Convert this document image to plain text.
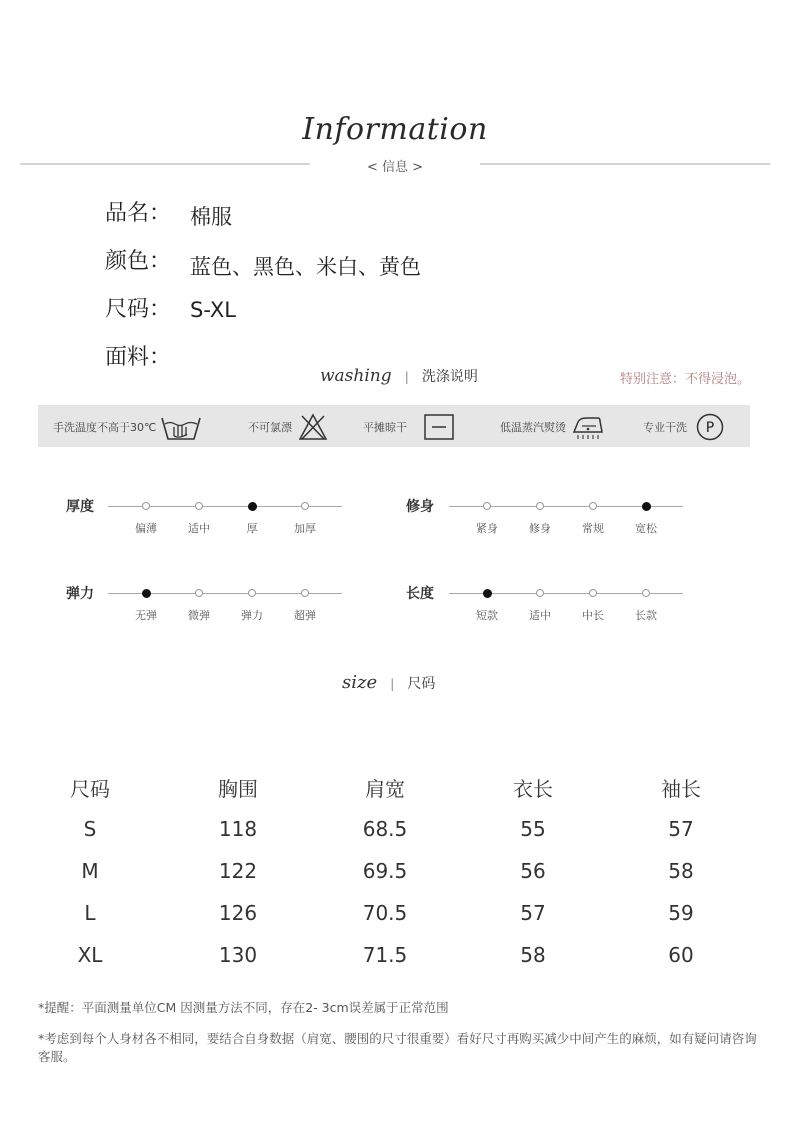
Information
< 信息 >
品名： 棉服
颜色： 蓝色、黑色、米白、黄色
尺码： S-XL
面料：
washing | 洗涤说明	特别注意：不得浸泡。
手洗温度不高于30℃	不可氯漂	平摊晾干	低温蒸汽熨烫	专业干洗 P
厚度
偏薄	适中	厚	加厚
修身
紧身	修身	常规	宽松
弹力
无弹	微弹	弹力	超弹
长度
短款	适中	中长	长款
size | 尺码
尺码	胸围	肩宽	衣长	袖长
S	118	68.5	55	57
M	122	69.5	56	58
L	126	70.5	57	59
XL	130	71.5	58	60
*提醒：平面测量单位CM 因测量方法不同，存在2- 3cm误差属于正常范围
*考虑到每个人身材各不相同，要结合自身数据（肩宽、腰围的尺寸很重要）看好尺寸再购买减少中间产生的麻烦，如有疑问请咨询客服。
